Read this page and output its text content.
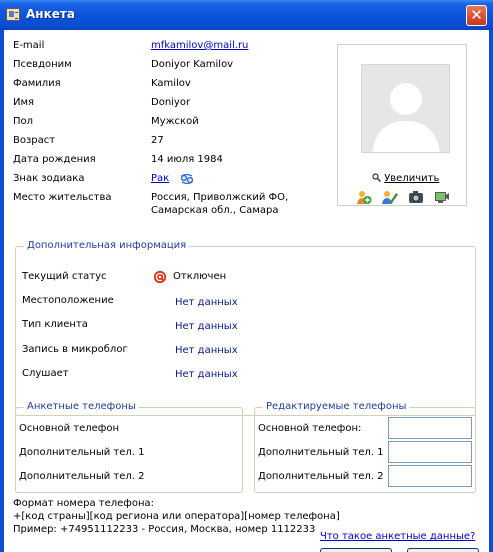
Анкета	✕
E-mail	mfkamilov@mail.ru
Псевдоним	Doniyor Kamilov
Фамилия	Kamilov
Имя	Doniyor
Пол	Мужской
Возраст	27
Дата рождения	14 июля 1984
Знак зодиака	Рак
Место жительства	Россия, Приволжский ФО,
Самарская обл., Самара
НЕТ ФОТО
Увеличить
Дополнительная информация
Текущий статус	Отключен
Местоположение	Нет данных
Тип клиента	Нет данных
Запись в микроблог	Нет данных
Слушает	Нет данных
Анкетные телефоны
Основной телефон
Дополнительный тел. 1
Дополнительный тел. 2
Редактируемые телефоны
Основной телефон:
Дополнительный тел. 1
Дополнительный тел. 2
Формат номера телефона:
+[код страны][код региона или оператора][номер телефона]
Пример: +74951112233 - Россия, Москва, номер 1112233
Что такое анкетные данные?
